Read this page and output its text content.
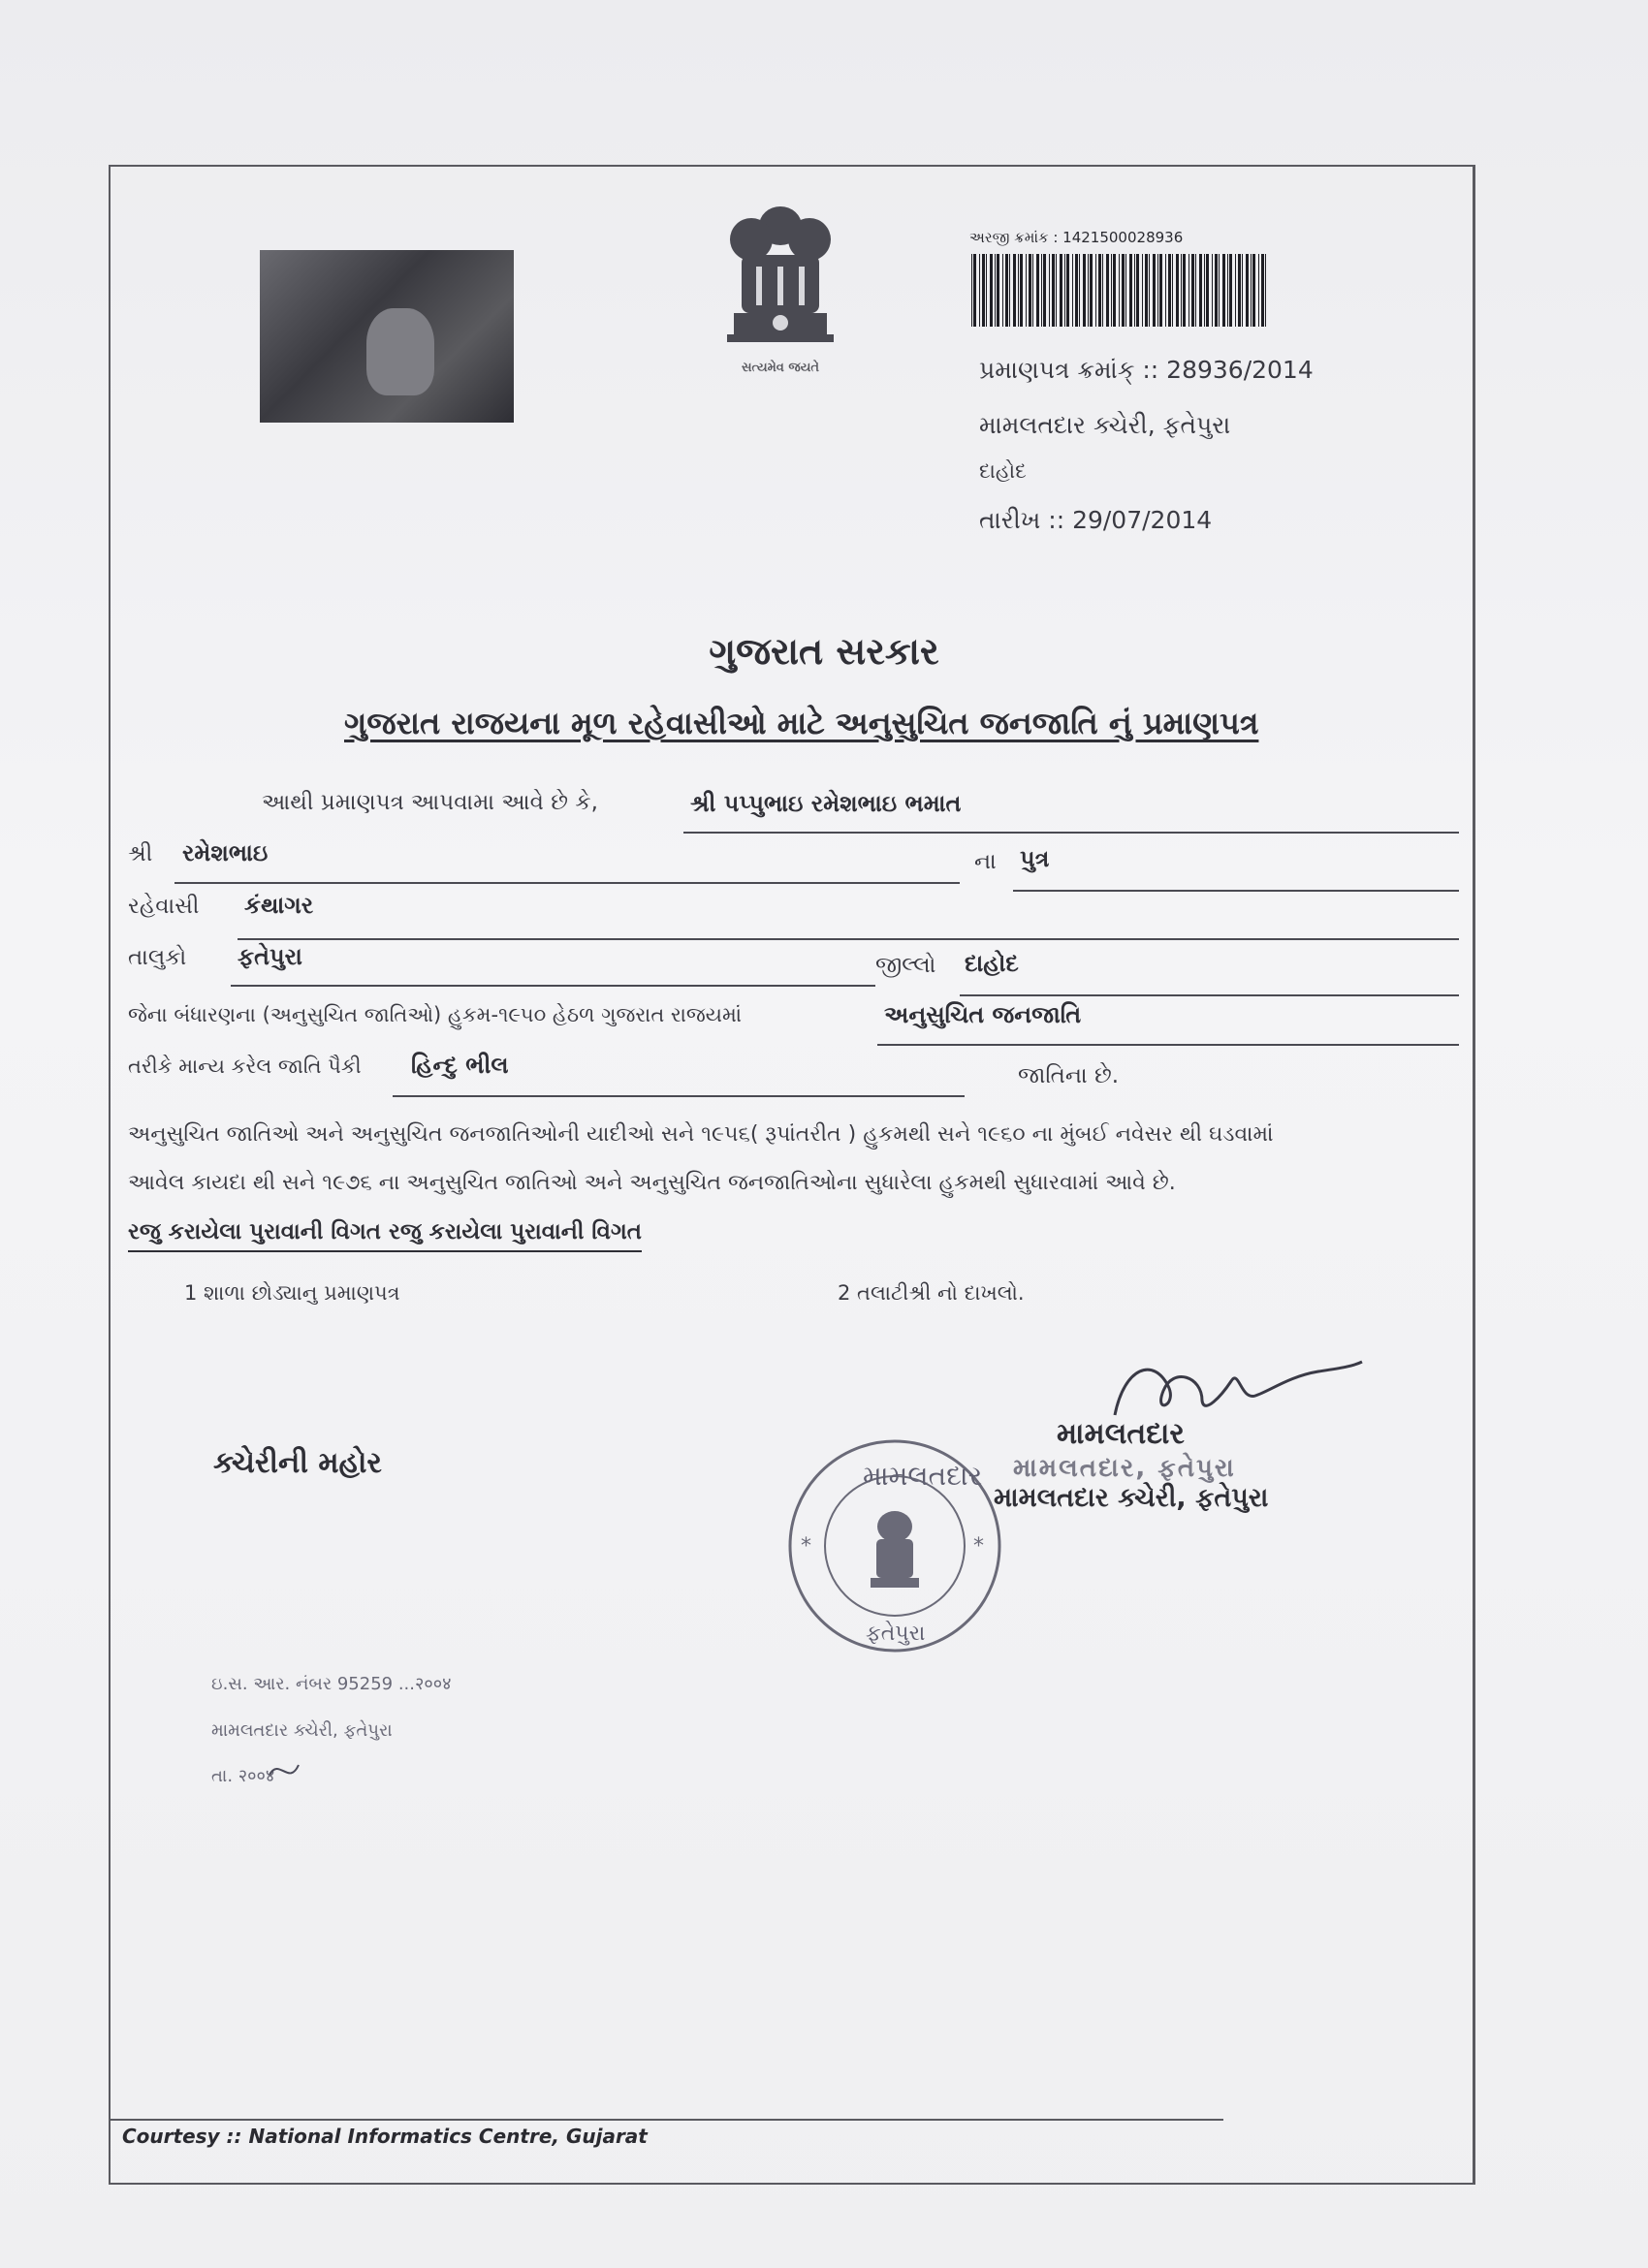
સત્યમેવ જયતે
અરજી ક્રમાંક : 1421500028936
પ્રમાણપત્ર ક્રમાંક્ :: 28936/2014
મામલતદાર ક્ચેરી, ફતેપુરા
દાહોદ
તારીખ :: 29/07/2014
ગુજરાત સરકાર
ગુજરાત રાજયના મૂળ રહેવાસીઓ માટે અનુસુચિત જનજાતિ નું પ્રમાણપત્ર
આથી પ્રમાણપત્ર આપવામા આવે છે કે,	શ્રી પપ્પુભાઇ રમેશભાઇ ભમાત
શ્રી રમેશભાઇ	ના પુત્ર
રહેવાસી કંથાગર
તાલુકો ફતેપુરા	જીલ્લો દાહોદ
જેના બંધારણના (અનુસુચિત જાતિઓ) હુકમ-૧૯૫૦ હેઠળ ગુજરાત રાજયમાં	અનુસુચિત જનજાતિ
તરીકે માન્ય કરેલ જાતિ પૈકી હિન્દુ ભીલ	જાતિના છે.
અનુસુચિત જાતિઓ અને અનુસુચિત જનજાતિઓની યાદીઓ સને ૧૯૫૬( રૂપાંતરીત ) હુકમથી સને ૧૯૬૦ ના મુંબઈ નવેસર થી ઘડવામાં
આવેલ કાયદા થી સને ૧૯૭૬ ના અનુસુચિત જાતિઓ અને અનુસુચિત જનજાતિઓના સુધારેલા હુકમથી સુધારવામાં આવે છે.
રજુ કરાયેલા પુરાવાની વિગત રજુ કરાયેલા પુરાવાની વિગત
1 શાળા છોડ્યાનુ પ્રમાણપત્ર	2 તલાટીશ્રી નો દાખલો.
ક્ચેરીની મહોર	મામલતદાર
ફતેપુરા
*	*
મામલતદાર
મામલતદાર, ફતેપુરા
મામલતદાર ક્ચેરી, ફતેપુરા
ઇ.સ. આર. નંબર 95259 ...२००४
મામલતદાર ક્ચેરી, ફતેપુરા
તા. २००४
Courtesy :: National Informatics Centre, Gujarat
